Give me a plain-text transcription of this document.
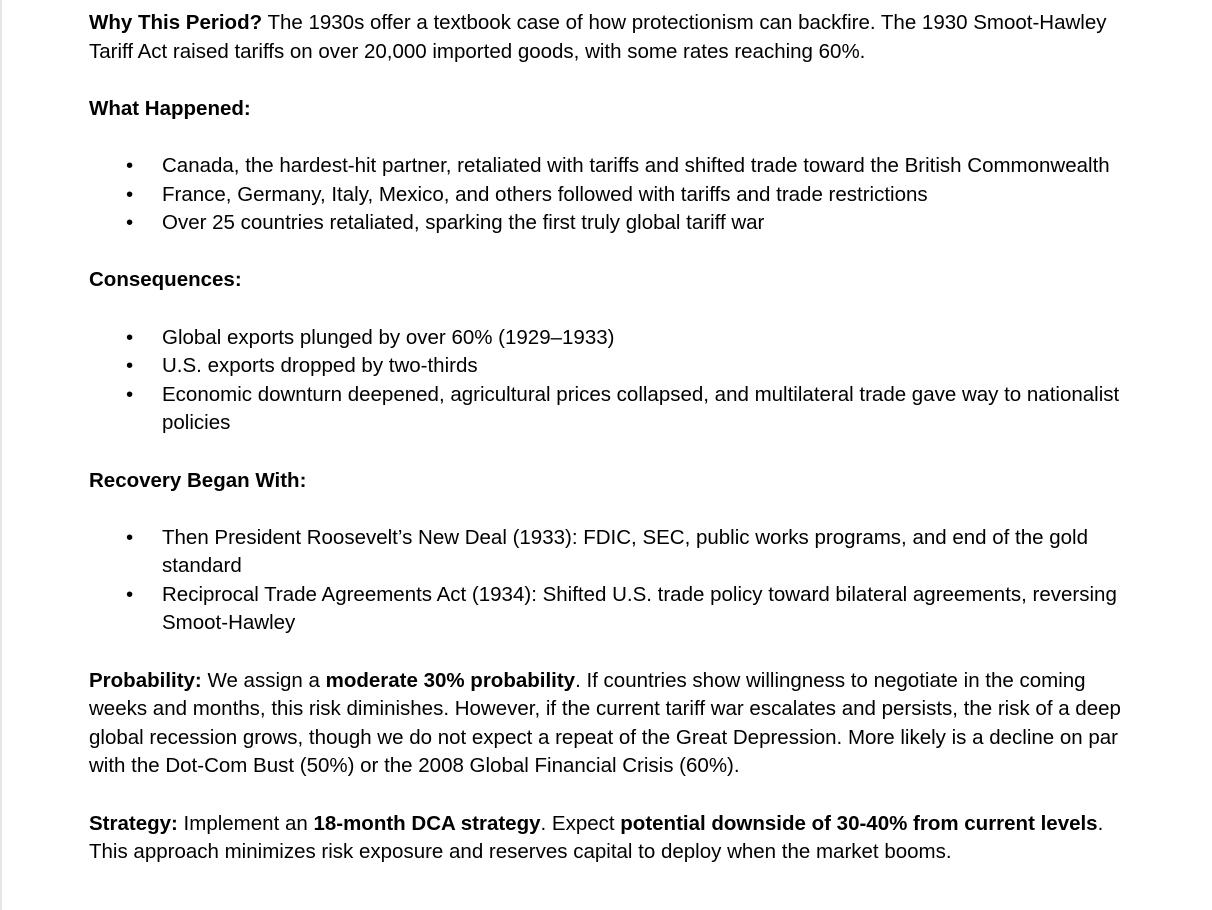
Why This Period? The 1930s offer a textbook case of how protectionism can backfire. The 1930 Smoot-Hawley Tariff Act raised tariffs on over 20,000 imported goods, with some rates reaching 60%.

What Happened:

• Canada, the hardest-hit partner, retaliated with tariffs and shifted trade toward the British Commonwealth
• France, Germany, Italy, Mexico, and others followed with tariffs and trade restrictions
• Over 25 countries retaliated, sparking the first truly global tariff war

Consequences:

• Global exports plunged by over 60% (1929–1933)
• U.S. exports dropped by two-thirds
• Economic downturn deepened, agricultural prices collapsed, and multilateral trade gave way to nationalist policies

Recovery Began With:

• Then President Roosevelt’s New Deal (1933): FDIC, SEC, public works programs, and end of the gold standard
• Reciprocal Trade Agreements Act (1934): Shifted U.S. trade policy toward bilateral agreements, reversing Smoot-Hawley

Probability: We assign a moderate 30% probability. If countries show willingness to negotiate in the coming weeks and months, this risk diminishes. However, if the current tariff war escalates and persists, the risk of a deep global recession grows, though we do not expect a repeat of the Great Depression. More likely is a decline on par with the Dot-Com Bust (50%) or the 2008 Global Financial Crisis (60%).

Strategy: Implement an 18-month DCA strategy. Expect potential downside of 30-40% from current levels. This approach minimizes risk exposure and reserves capital to deploy when the market booms.
